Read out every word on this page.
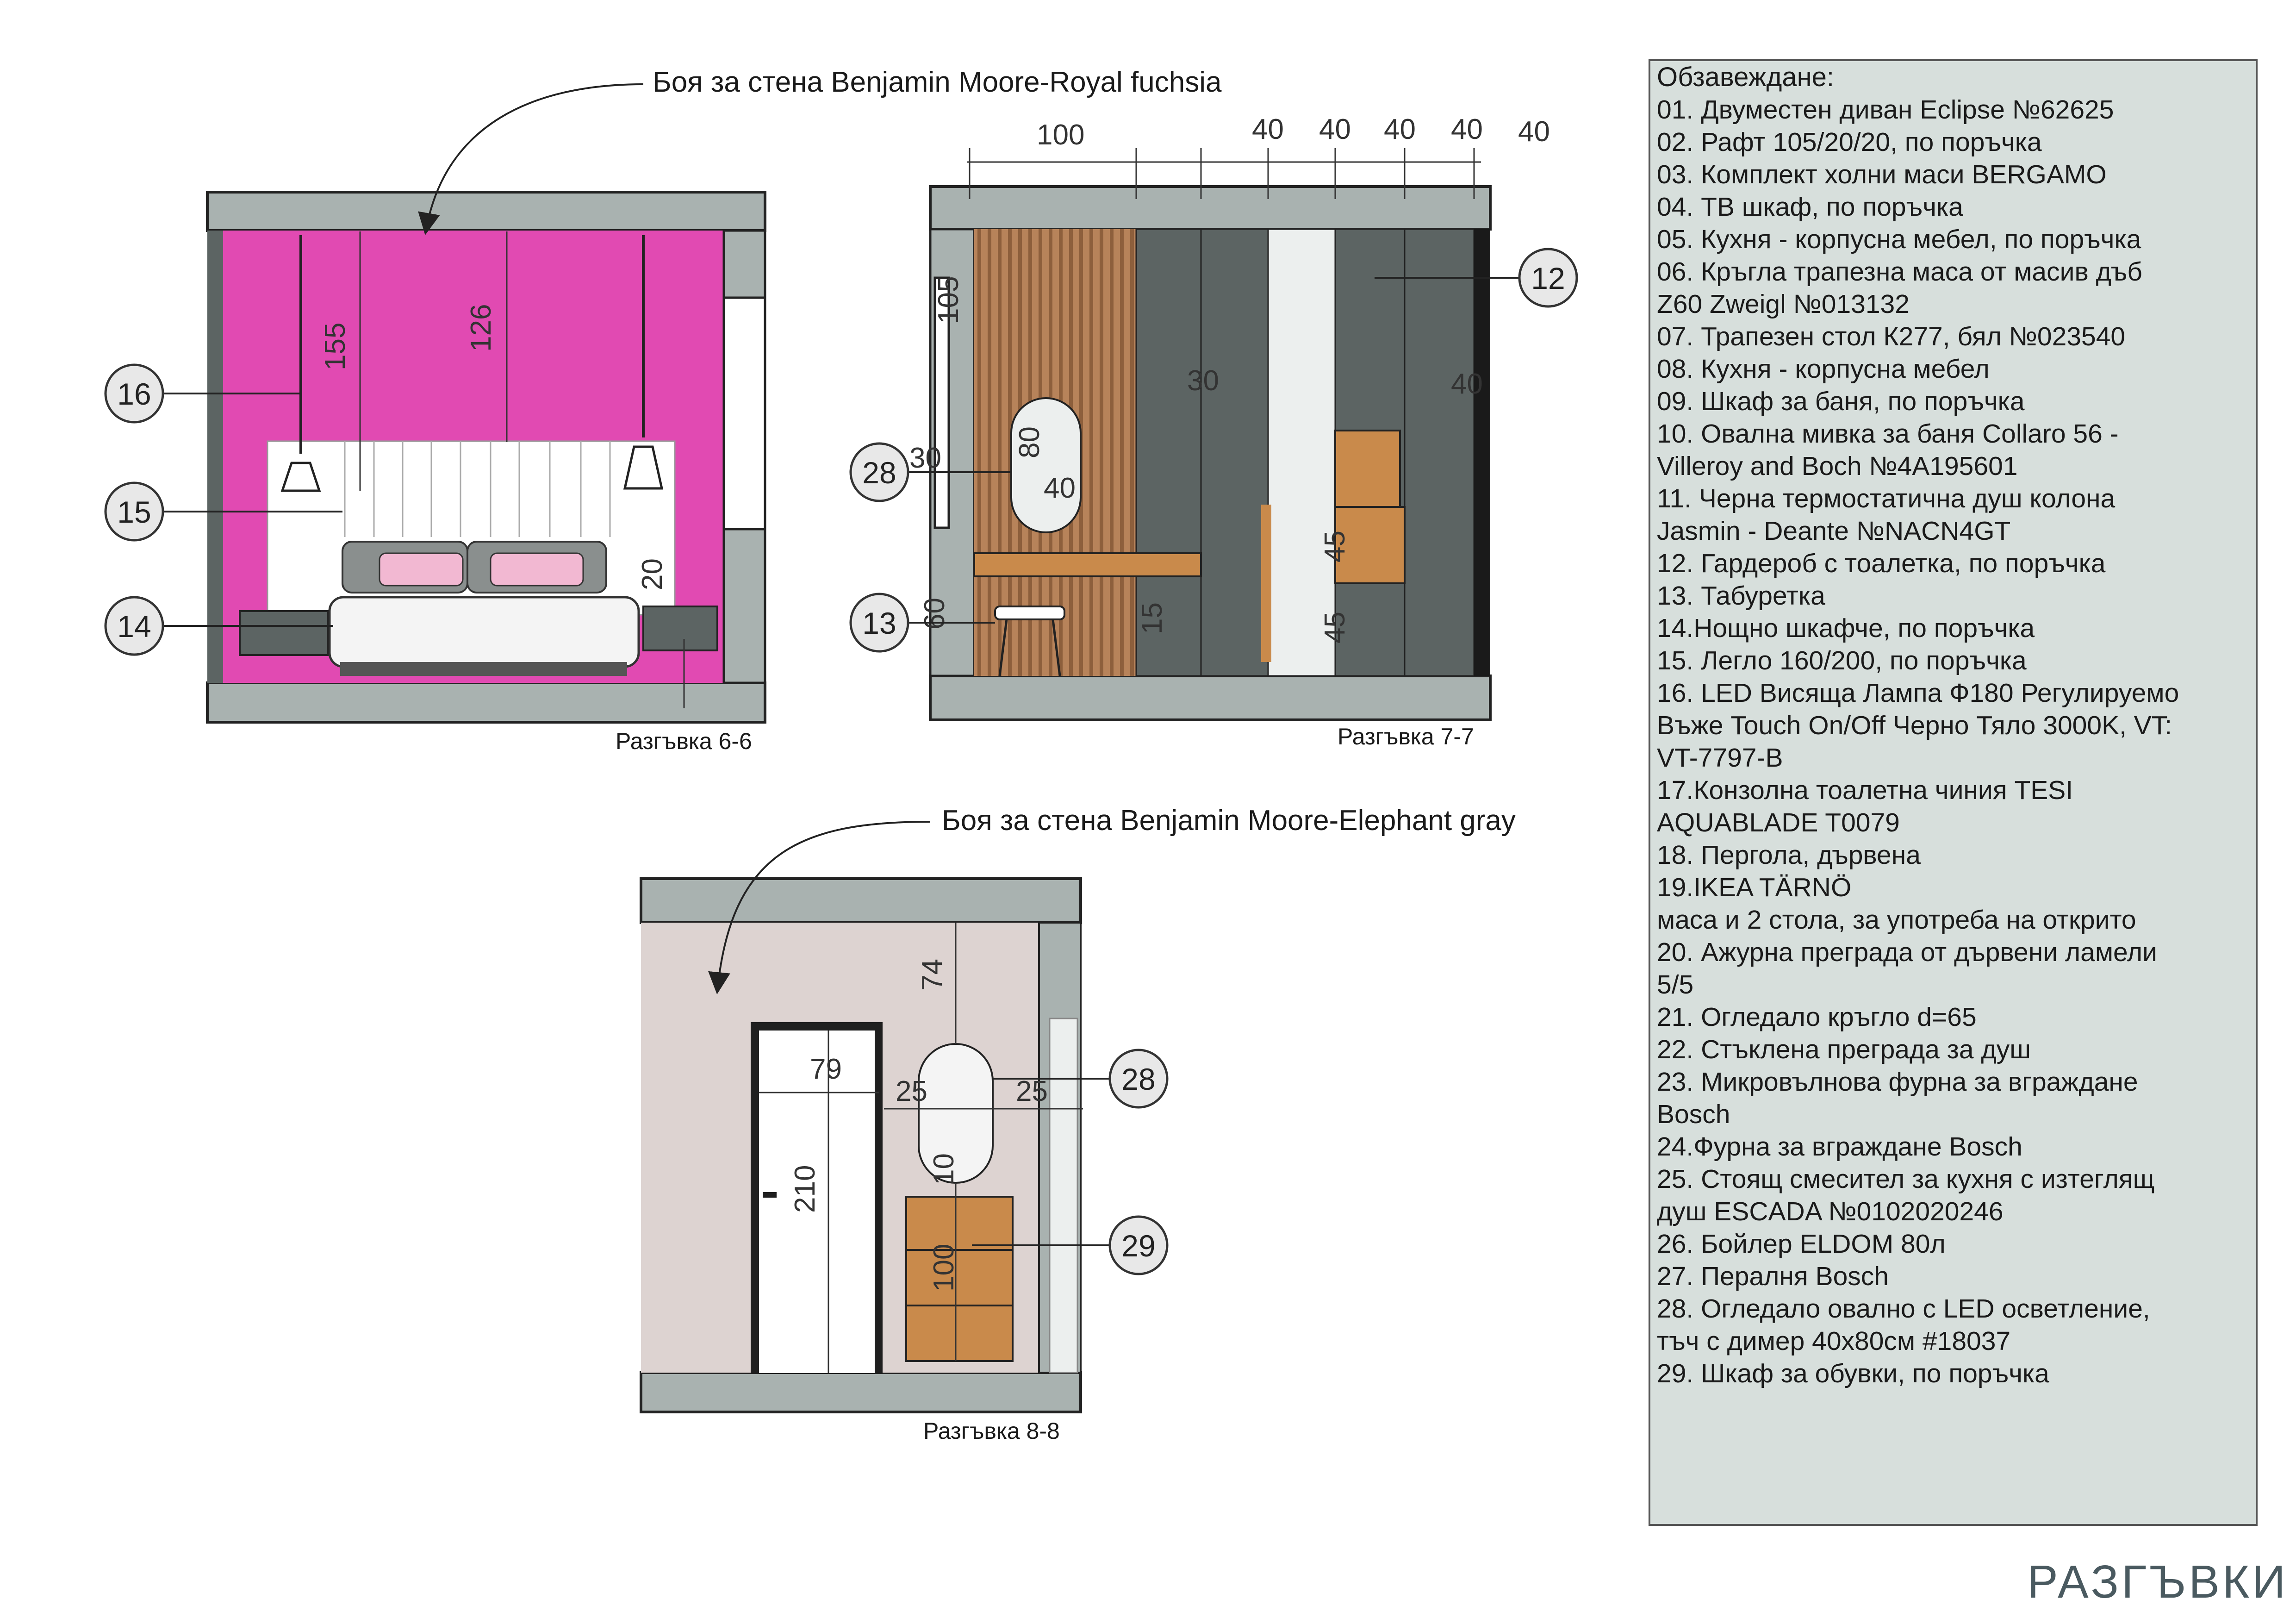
155	126
20
Боя за стена Benjamin Moore-Royal fuchsia
16
15
14
Разгъвка 6-6
100	40 40 40 40 40
105
30	40
30	80
40
60	15
45
45
12
28
13
Разгъвка 7-7
74
79
25	25
210	10
100
Боя за стена Benjamin Moore-Elephant gray
28
29
Разгъвка 8-8
Обзавеждане:
01. Двуместен диван Eclipse №62625
02. Рафт 105/20/20, по поръчка
03. Комплект холни маси BERGAMO
04. ТВ шкаф, по поръчка
05. Кухня - корпусна мебел, по поръчка
06. Кръгла трапезна маса от масив дъб
Z60 Zweigl №013132
07. Трапезен стол К277, бял №023540
08. Кухня - корпусна мебел
09. Шкаф за баня, по поръчка
10. Овална мивка за баня Collaro 56 -
Villeroy and Boch №4A195601
11. Черна термостатична душ колона
Jasmin - Deante №NACN4GT
12. Гардероб с тоалетка, по поръчка
13. Табуретка
14.Нощно шкафче, по поръчка
15. Легло 160/200, по поръчка
16. LED Висяща Лампа Ф180 Регулируемо
Въже Touch On/Off Черно Тяло 3000K, VT:
VT-7797-B
17.Конзолна тоалетна чиния TESI
AQUABLADE T0079
18. Пергола, дървена
19.IKEA TÄRNÖ
маса и 2 стола, за употреба на открито
20. Ажурна преграда от дървени ламели
5/5
21. Огледало кръгло d=65
22. Стъклена преграда за душ
23. Микровълнова фурна за вграждане
Bosch
24.Фурна за вграждане Bosch
25. Стоящ смесител за кухня с изтеглящ
душ ESCADA №0102020246
26. Бойлер ELDOM 80л
27. Пералня Bosch
28. Огледало овално с LED осветление,
тъч с димер 40х80см #18037
29. Шкаф за обувки, по поръчка
РАЗГЪВКИ
